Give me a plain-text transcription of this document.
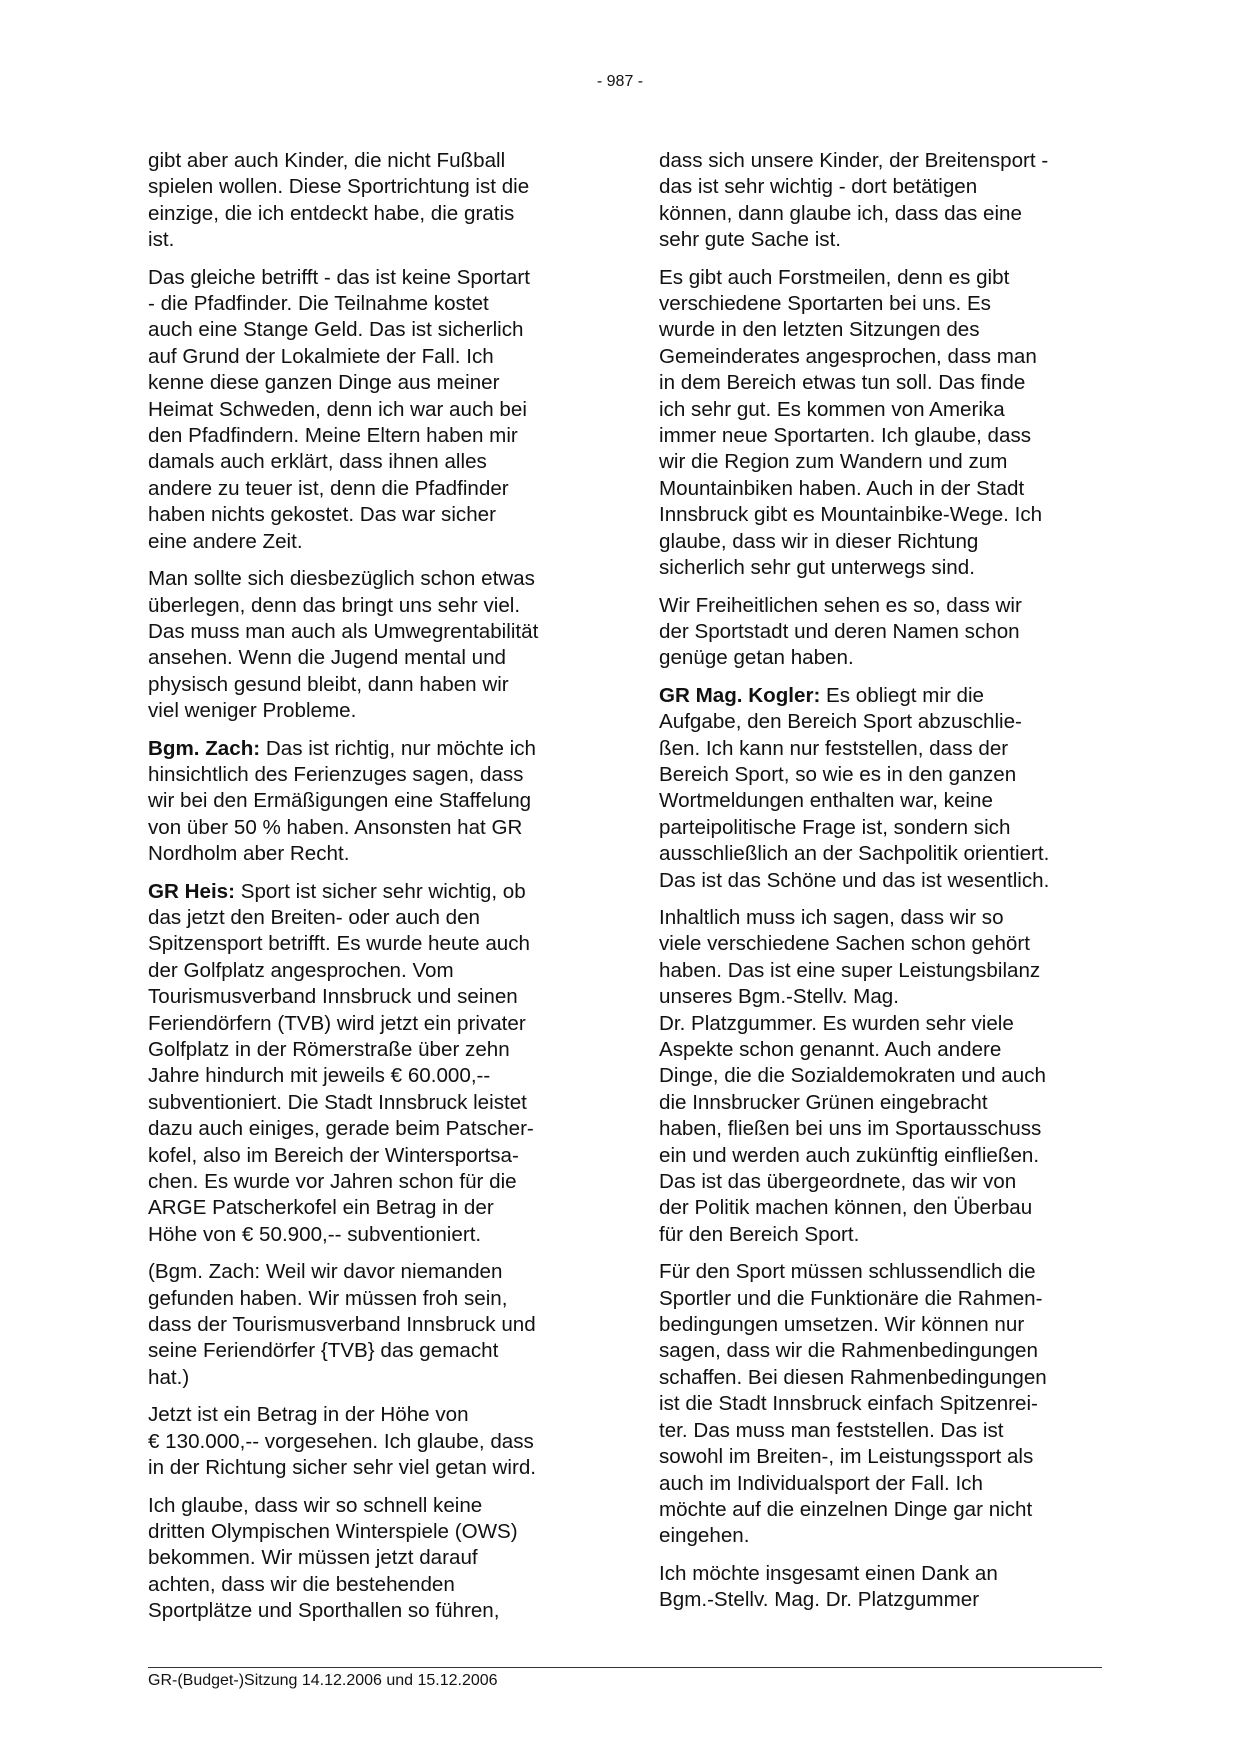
- 987 -

gibt aber auch Kinder, die nicht Fußball
spielen wollen. Diese Sportrichtung ist die
einzige, die ich entdeckt habe, die gratis
ist.

Das gleiche betrifft - das ist keine Sportart
- die Pfadfinder. Die Teilnahme kostet
auch eine Stange Geld. Das ist sicherlich
auf Grund der Lokalmiete der Fall. Ich
kenne diese ganzen Dinge aus meiner
Heimat Schweden, denn ich war auch bei
den Pfadfindern. Meine Eltern haben mir
damals auch erklärt, dass ihnen alles
andere zu teuer ist, denn die Pfadfinder
haben nichts gekostet. Das war sicher
eine andere Zeit.

Man sollte sich diesbezüglich schon etwas
überlegen, denn das bringt uns sehr viel.
Das muss man auch als Umwegrentabilität
ansehen. Wenn die Jugend mental und
physisch gesund bleibt, dann haben wir
viel weniger Probleme.

Bgm. Zach: Das ist richtig, nur möchte ich
hinsichtlich des Ferienzuges sagen, dass
wir bei den Ermäßigungen eine Staffelung
von über 50 % haben. Ansonsten hat GR
Nordholm aber Recht.

GR Heis: Sport ist sicher sehr wichtig, ob
das jetzt den Breiten- oder auch den
Spitzensport betrifft. Es wurde heute auch
der Golfplatz angesprochen. Vom
Tourismusverband Innsbruck und seinen
Feriendörfern (TVB) wird jetzt ein privater
Golfplatz in der Römerstraße über zehn
Jahre hindurch mit jeweils € 60.000,--
subventioniert. Die Stadt Innsbruck leistet
dazu auch einiges, gerade beim Patscher-
kofel, also im Bereich der Wintersportsa-
chen. Es wurde vor Jahren schon für die
ARGE Patscherkofel ein Betrag in der
Höhe von € 50.900,-- subventioniert.

(Bgm. Zach: Weil wir davor niemanden
gefunden haben. Wir müssen froh sein,
dass der Tourismusverband Innsbruck und
seine Feriendörfer {TVB} das gemacht
hat.)

Jetzt ist ein Betrag in der Höhe von
€ 130.000,-- vorgesehen. Ich glaube, dass
in der Richtung sicher sehr viel getan wird.

Ich glaube, dass wir so schnell keine
dritten Olympischen Winterspiele (OWS)
bekommen. Wir müssen jetzt darauf
achten, dass wir die bestehenden
Sportplätze und Sporthallen so führen,

dass sich unsere Kinder, der Breitensport -
das ist sehr wichtig - dort betätigen
können, dann glaube ich, dass das eine
sehr gute Sache ist.

Es gibt auch Forstmeilen, denn es gibt
verschiedene Sportarten bei uns. Es
wurde in den letzten Sitzungen des
Gemeinderates angesprochen, dass man
in dem Bereich etwas tun soll. Das finde
ich sehr gut. Es kommen von Amerika
immer neue Sportarten. Ich glaube, dass
wir die Region zum Wandern und zum
Mountainbiken haben. Auch in der Stadt
Innsbruck gibt es Mountainbike-Wege. Ich
glaube, dass wir in dieser Richtung
sicherlich sehr gut unterwegs sind.

Wir Freiheitlichen sehen es so, dass wir
der Sportstadt und deren Namen schon
genüge getan haben.

GR Mag. Kogler: Es obliegt mir die
Aufgabe, den Bereich Sport abzuschlie-
ßen. Ich kann nur feststellen, dass der
Bereich Sport, so wie es in den ganzen
Wortmeldungen enthalten war, keine
parteipolitische Frage ist, sondern sich
ausschließlich an der Sachpolitik orientiert.
Das ist das Schöne und das ist wesentlich.

Inhaltlich muss ich sagen, dass wir so
viele verschiedene Sachen schon gehört
haben. Das ist eine super Leistungsbilanz
unseres Bgm.-Stellv. Mag.
Dr. Platzgummer. Es wurden sehr viele
Aspekte schon genannt. Auch andere
Dinge, die die Sozialdemokraten und auch
die Innsbrucker Grünen eingebracht
haben, fließen bei uns im Sportausschuss
ein und werden auch zukünftig einfließen.
Das ist das übergeordnete, das wir von
der Politik machen können, den Überbau
für den Bereich Sport.

Für den Sport müssen schlussendlich die
Sportler und die Funktionäre die Rahmen-
bedingungen umsetzen. Wir können nur
sagen, dass wir die Rahmenbedingungen
schaffen. Bei diesen Rahmenbedingungen
ist die Stadt Innsbruck einfach Spitzenrei-
ter. Das muss man feststellen. Das ist
sowohl im Breiten-, im Leistungssport als
auch im Individualsport der Fall. Ich
möchte auf die einzelnen Dinge gar nicht
eingehen.

Ich möchte insgesamt einen Dank an
Bgm.-Stellv. Mag. Dr. Platzgummer

GR-(Budget-)Sitzung 14.12.2006 und 15.12.2006
